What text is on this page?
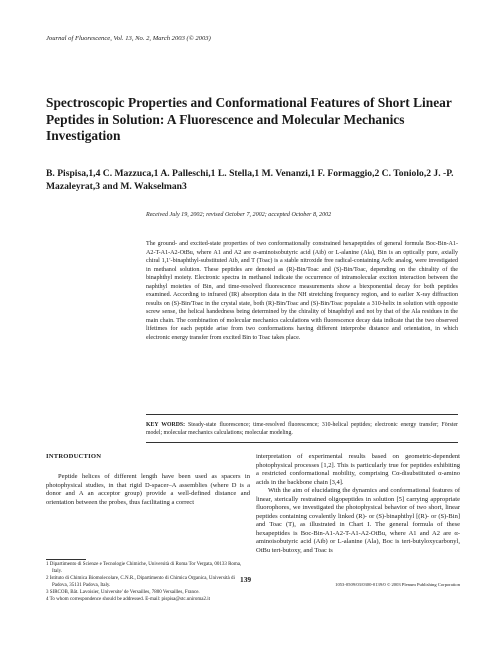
Journal of Fluorescence, Vol. 13, No. 2, March 2003 (© 2003)
Spectroscopic Properties and Conformational Features of Short Linear Peptides in Solution: A Fluorescence and Molecular Mechanics Investigation
B. Pispisa,1,4 C. Mazzuca,1 A. Palleschi,1 L. Stella,1 M. Venanzi,1 F. Formaggio,2 C. Toniolo,2 J. -P. Mazaleyrat,3 and M. Wakselman3
Received July 19, 2002; revised October 7, 2002; accepted October 8, 2002

The ground- and excited-state properties of two conformationally constrained hexapeptides of general formula Boc-Bin-A1-A2-T-A1-A2-OtBu, where A1 and A2 are α-aminoisobutyric acid (Aib) or L-alanine (Ala), Bin is an optically pure, axially chiral 1,1′-binaphthyl-substituted Aib, and T (Toac) is a stable nitroxide free radical-containing Acθc analog, were investigated in methanol solution. These peptides are denoted as (R)-Bin/Toac and (S)-Bin/Toac, depending on the chirality of the binaphthyl moiety. Electronic spectra in methanol indicate the occurrence of intramolecular exciton interaction between the naphthyl moieties of Bin, and time-resolved fluorescence measurements show a biexponential decay for both peptides examined. According to infrared (IR) absorption data in the NH stretching frequency region, and to earlier X-ray diffraction results on (S)-Bin/Toac in the crystal state, both (R)-Bin/Toac and (S)-Bin/Toac populate a 310-helix in solution with opposite screw sense, the helical handedness being determined by the chirality of binaphthyl and not by that of the Ala residues in the main chain. The combination of molecular mechanics calculations with fluorescence decay data indicate that the two observed lifetimes for each peptide arise from two conformations having different interprobe distance and orientation, in which electronic energy transfer from excited Bin to Toac takes place.

KEY WORDS: Steady-state fluorescence; time-resolved fluorescence; 310-helical peptides; electronic energy transfer; Förster model; molecular mechanics calculations; molecular modeling.
INTRODUCTION

Peptide helices of different length have been used as spacers in photophysical studies, in that rigid D-spacer–A assemblies (where D is a donor and A an acceptor group) provide a well-defined distance and orientation between the probes, thus facilitating a correct

interpretation of experimental results based on geometric-dependent photophysical processes [1,2]. This is particularly true for peptides exhibiting a restricted conformational mobility, comprising Cα-disubstituted α-amino acids in the backbone chain [3,4].

With the aim of elucidating the dynamics and conformational features of linear, sterically restrained oligopeptides in solution [5] carrying appropriate fluorophores, we investigated the photophysical behavior of two short, linear peptides containing covalently linked (R)- or (S)-binaphthyl [(R)- or (S)-Bin] and Toac (T), as illustrated in Chart I. The general formula of these hexapeptides is Boc-Bin-A1-A2-T-A1-A2-OtBu, where A1 and A2 are α-aminoisobutyric acid (Aib) or L-alanine (Ala), Boc is tert-butyloxycarbonyl, OtBu tert-butoxy, and Toac is

1 Dipartimento di Scienze e Tecnologie Chimiche, Università di Roma Tor Vergata, 00133 Roma, Italy.
2 Istituto di Chimica Biomolecolare, C.N.R., Dipartimento di Chimica Organica, Università di Padova, 35131 Padova, Italy.
3 SIRCOB, Bât. Lavoisier, Universite' de Versailles, 7800 Versailles, France.
4 To whom correspondence should be addressed. E-mail: pispisa@stc.uniroma2.it
139
1053-0509/03/0300-0139/0 © 2003 Plenum Publishing Corporation
